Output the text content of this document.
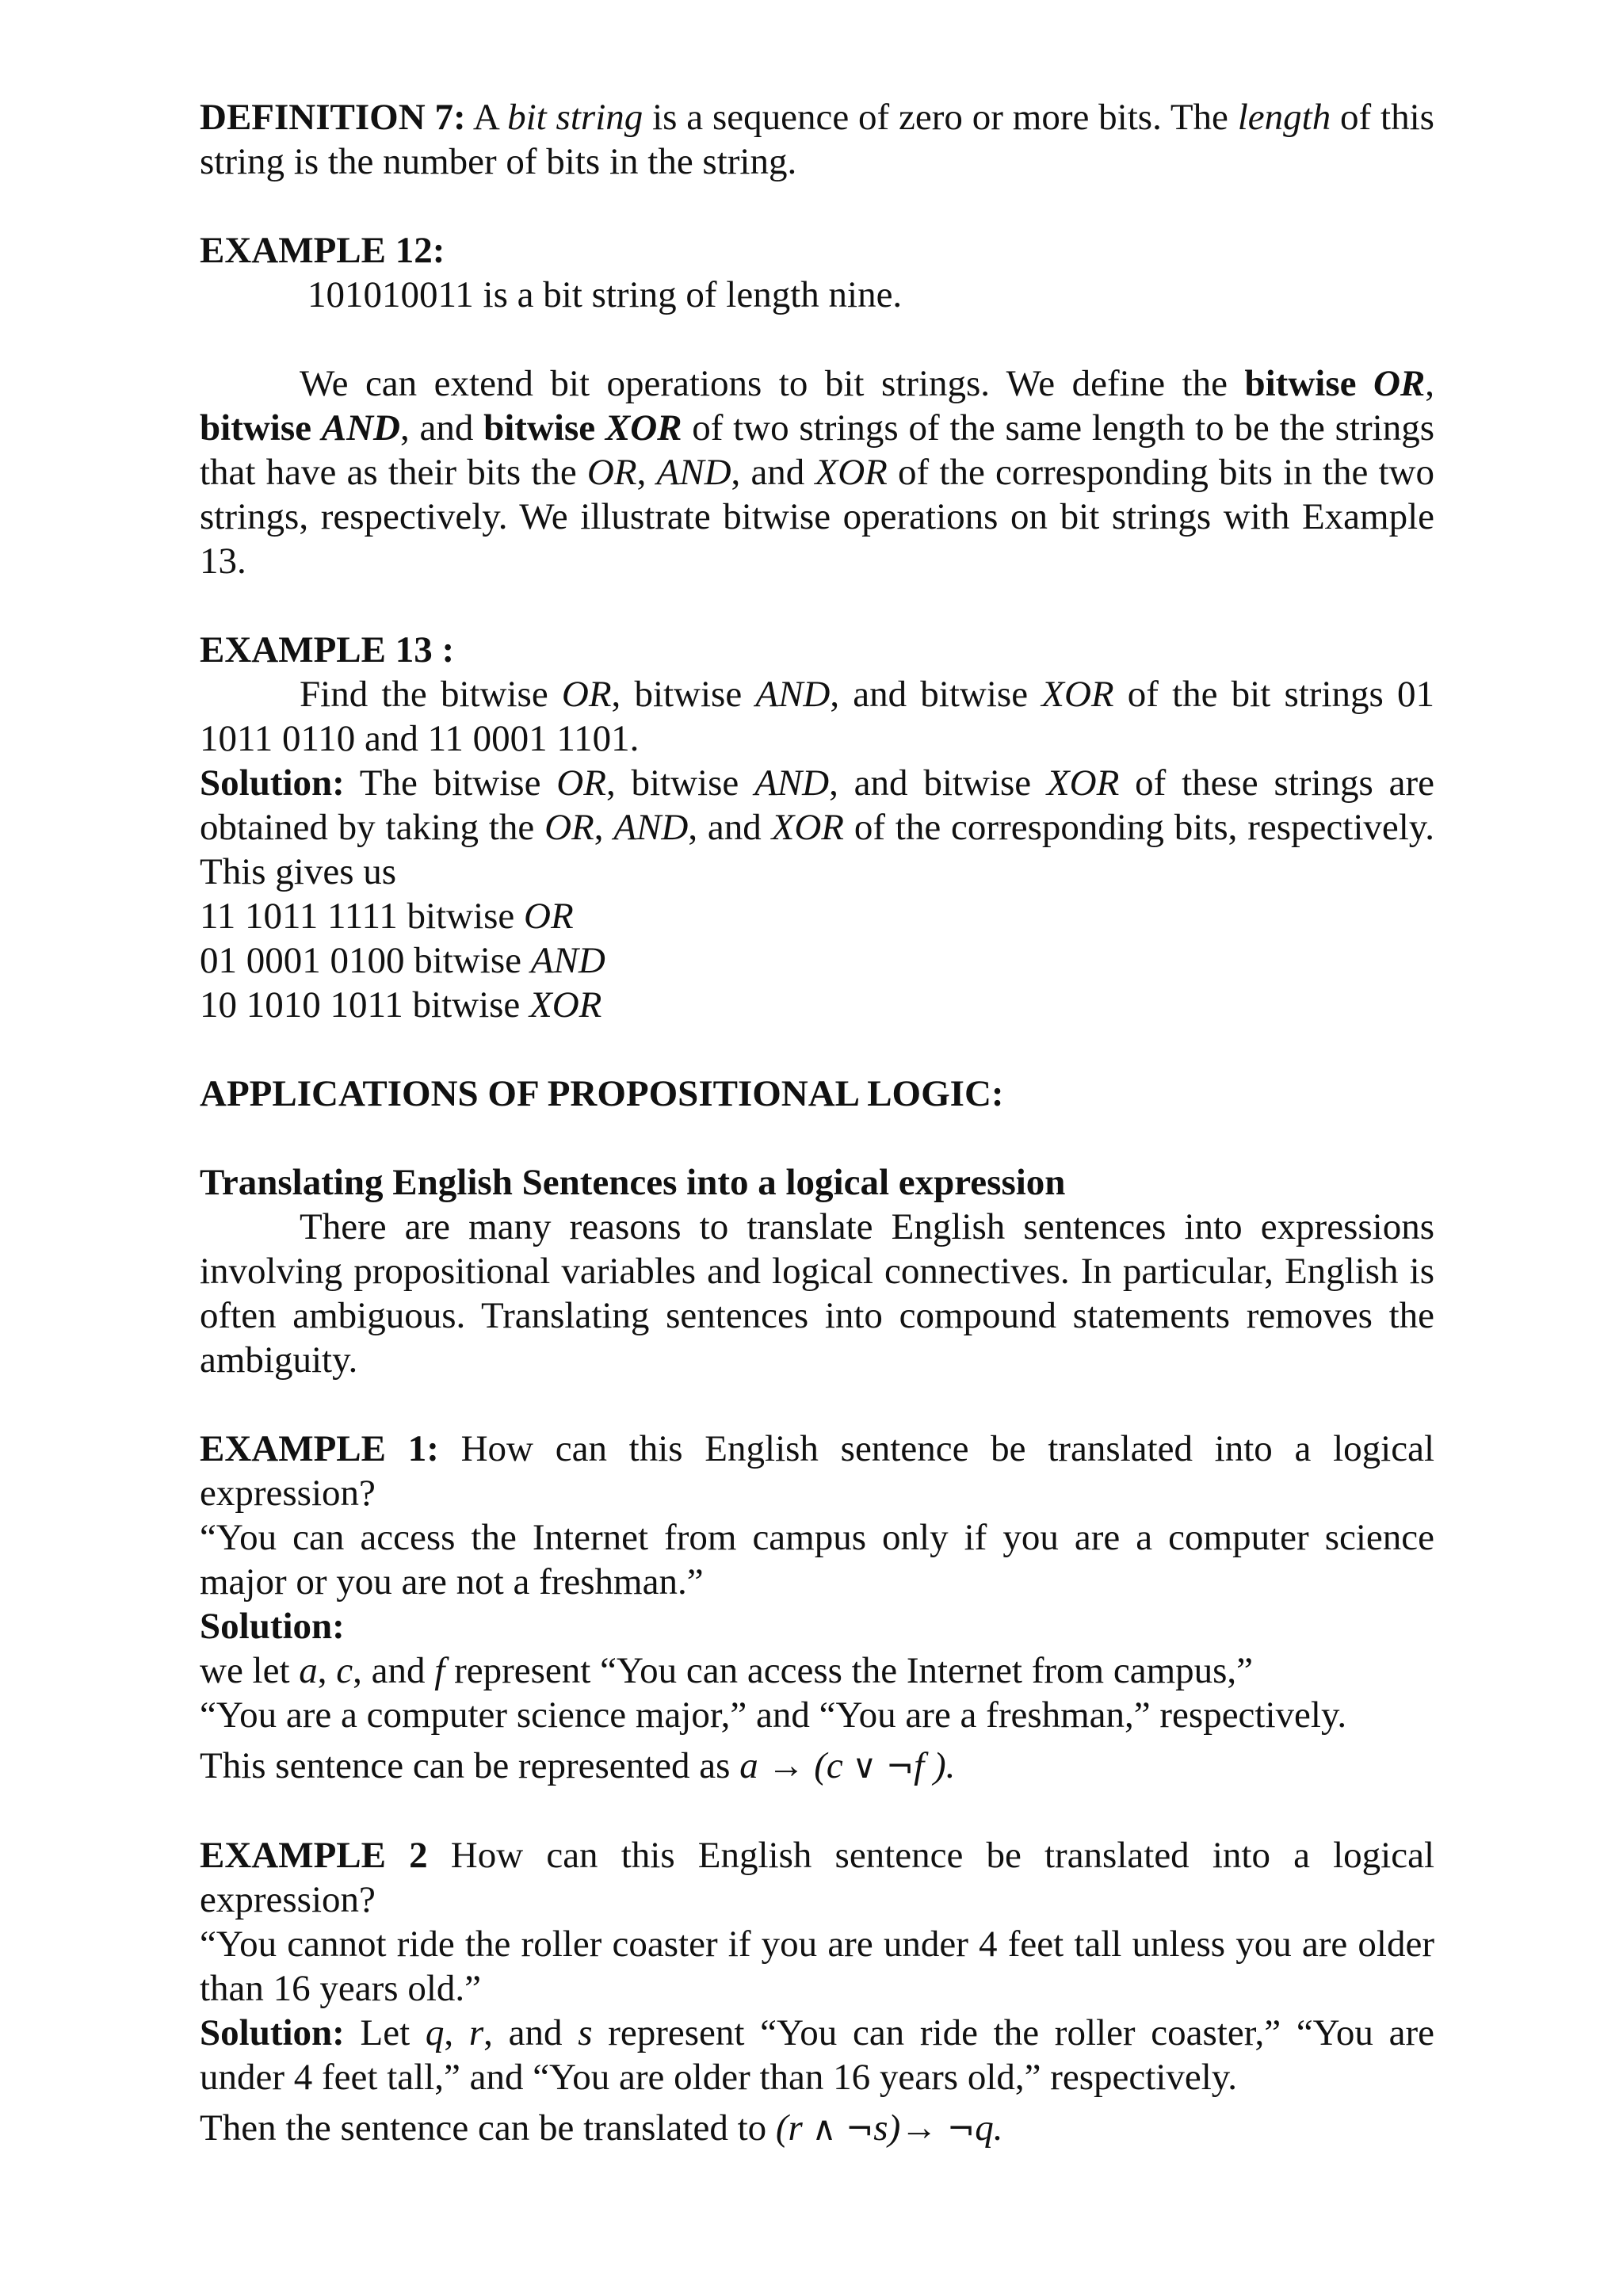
DEFINITION 7: A bit string is a sequence of zero or more bits. The length of this string is the number of bits in the string.

EXAMPLE 12:

101010011 is a bit string of length nine.

We can extend bit operations to bit strings. We define the bitwise OR, bitwise AND, and bitwise XOR of two strings of the same length to be the strings that have as their bits the OR, AND, and XOR of the corresponding bits in the two strings, respectively. We illustrate bitwise operations on bit strings with Example 13.

EXAMPLE 13 :

Find the bitwise OR, bitwise AND, and bitwise XOR of the bit strings 01 1011 0110 and 11 0001 1101.

Solution: The bitwise OR, bitwise AND, and bitwise XOR of these strings are obtained by taking the OR, AND, and XOR of the corresponding bits, respectively. This gives us

11 1011 1111 bitwise OR

01 0001 0100 bitwise AND

10 1010 1011 bitwise XOR

APPLICATIONS OF PROPOSITIONAL LOGIC:

Translating English Sentences into a logical expression

There are many reasons to translate English sentences into expressions involving propositional variables and logical connectives. In particular, English is often ambiguous. Translating sentences into compound statements removes the ambiguity.

EXAMPLE 1: How can this English sentence be translated into a logical expression?

“You can access the Internet from campus only if you are a computer science major or you are not a freshman.”

Solution:

we let a, c, and f represent “You can access the Internet from campus,”

“You are a computer science major,” and “You are a freshman,” respectively.

This sentence can be represented as a → (c ∨ ¬f ).

EXAMPLE 2 How can this English sentence be translated into a logical expression?

“You cannot ride the roller coaster if you are under 4 feet tall unless you are older than 16 years old.”

Solution: Let q, r, and s represent “You can ride the roller coaster,” “You are under 4 feet tall,” and “You are older than 16 years old,” respectively.

Then the sentence can be translated to (r ∧ ¬s)→ ¬q.
